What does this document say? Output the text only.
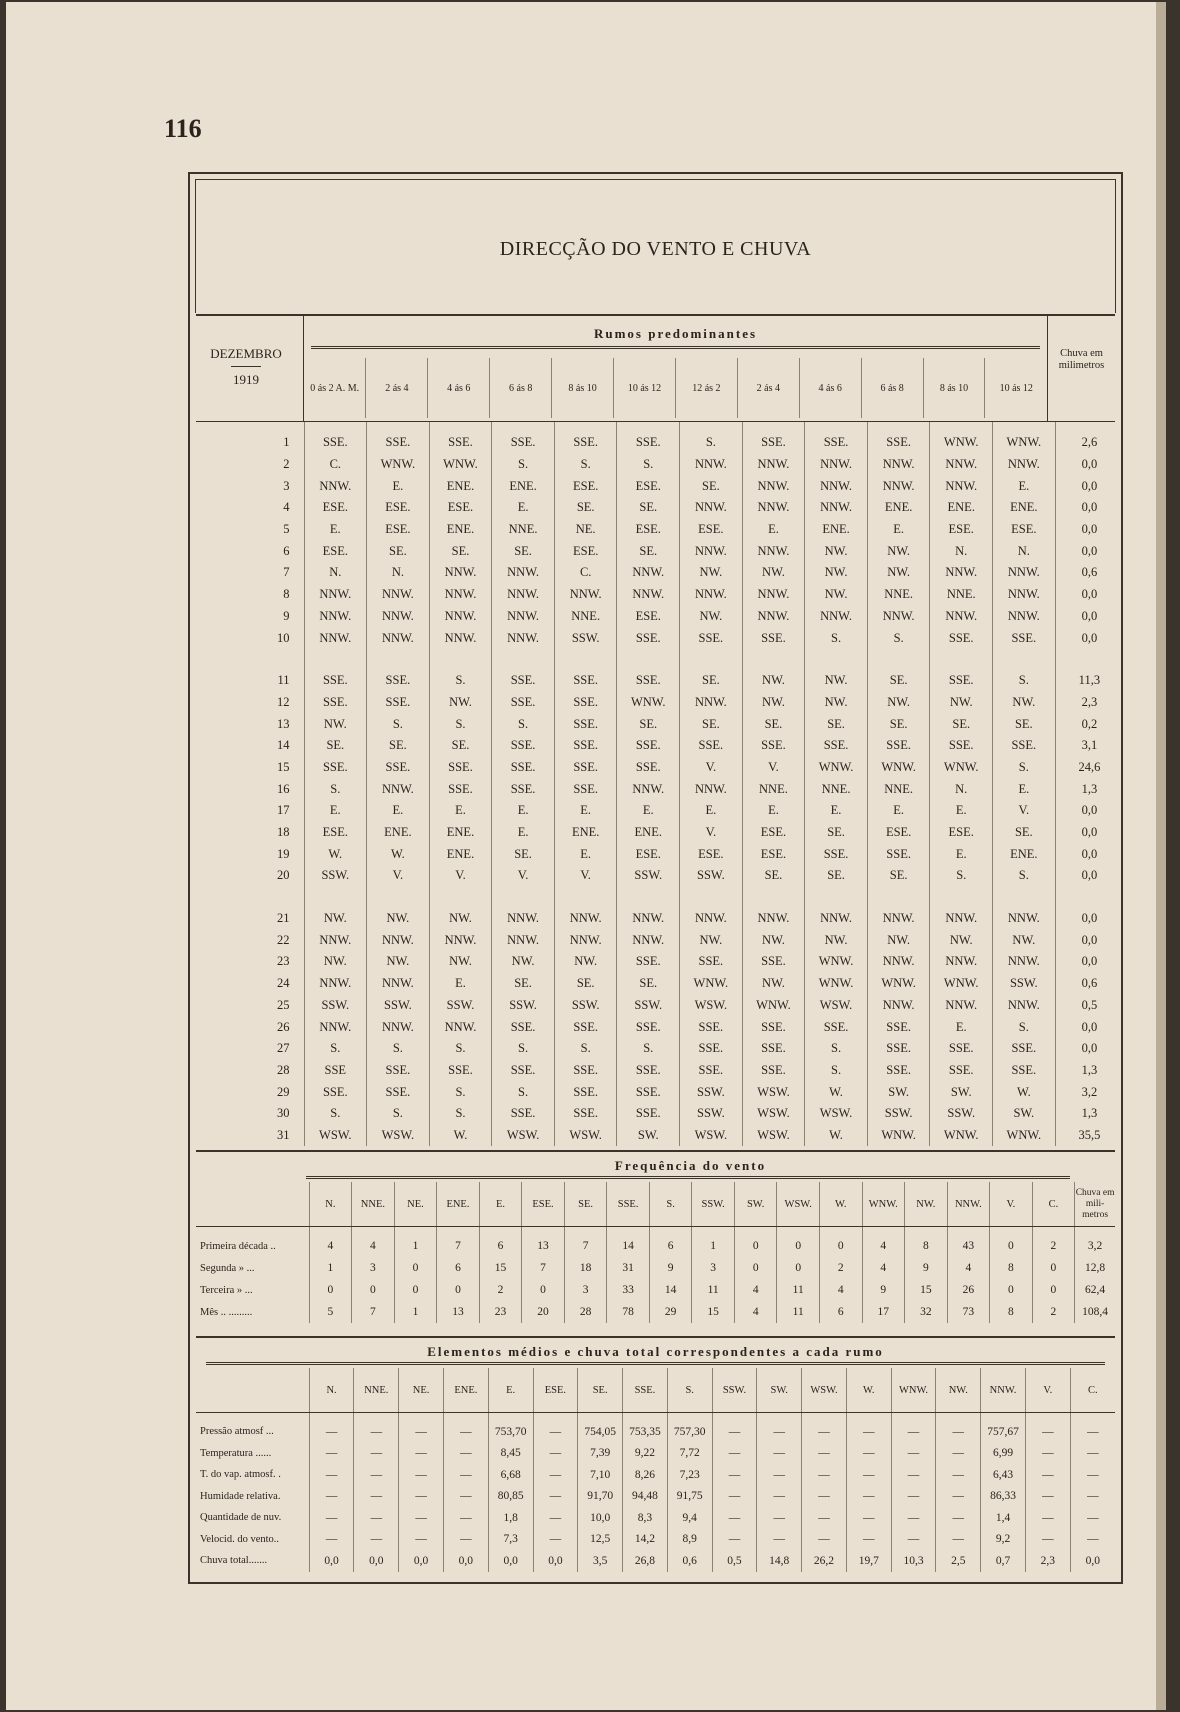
116
DIRECÇÃO DO VENTO E CHUVA
DEZEMBRO
1919
Rumos predominantes
Chuva em milimetros
0 ás 2 A. M.	2 ás 4	4 ás 6	6 ás 8	8 ás 10	10 ás 12	12 ás 2	2 ás 4	4 ás 6	6 ás 8	8 ás 10	10 ás 12
1	SSE.	SSE.	SSE.	SSE.	SSE.	SSE.	S.	SSE.	SSE.	SSE.	WNW.	WNW.	2,6
2	C.	WNW.	WNW.	S.	S.	S.	NNW.	NNW.	NNW.	NNW.	NNW.	NNW.	0,0
3	NNW.	E.	ENE.	ENE.	ESE.	ESE.	SE.	NNW.	NNW.	NNW.	NNW.	E.	0,0
4	ESE.	ESE.	ESE.	E.	SE.	SE.	NNW.	NNW.	NNW.	ENE.	ENE.	ENE.	0,0
5	E.	ESE.	ENE.	NNE.	NE.	ESE.	ESE.	E.	ENE.	E.	ESE.	ESE.	0,0
6	ESE.	SE.	SE.	SE.	ESE.	SE.	NNW.	NNW.	NW.	NW.	N.	N.	0,0
7	N.	N.	NNW.	NNW.	C.	NNW.	NW.	NW.	NW.	NW.	NNW.	NNW.	0,6
8	NNW.	NNW.	NNW.	NNW.	NNW.	NNW.	NNW.	NNW.	NW.	NNE.	NNE.	NNW.	0,0
9	NNW.	NNW.	NNW.	NNW.	NNE.	ESE.	NW.	NNW.	NNW.	NNW.	NNW.	NNW.	0,0
10	NNW.	NNW.	NNW.	NNW.	SSW.	SSE.	SSE.	SSE.	S.	S.	SSE.	SSE.	0,0

11	SSE.	SSE.	S.	SSE.	SSE.	SSE.	SE.	NW.	NW.	SE.	SSE.	S.	11,3
12	SSE.	SSE.	NW.	SSE.	SSE.	WNW.	NNW.	NW.	NW.	NW.	NW.	NW.	2,3
13	NW.	S.	S.	S.	SSE.	SE.	SE.	SE.	SE.	SE.	SE.	SE.	0,2
14	SE.	SE.	SE.	SSE.	SSE.	SSE.	SSE.	SSE.	SSE.	SSE.	SSE.	SSE.	3,1
15	SSE.	SSE.	SSE.	SSE.	SSE.	SSE.	V.	V.	WNW.	WNW.	WNW.	S.	24,6
16	S.	NNW.	SSE.	SSE.	SSE.	NNW.	NNW.	NNE.	NNE.	NNE.	N.	E.	1,3
17	E.	E.	E.	E.	E.	E.	E.	E.	E.	E.	E.	V.	0,0
18	ESE.	ENE.	ENE.	E.	ENE.	ENE.	V.	ESE.	SE.	ESE.	ESE.	SE.	0,0
19	W.	W.	ENE.	SE.	E.	ESE.	ESE.	ESE.	SSE.	SSE.	E.	ENE.	0,0
20	SSW.	V.	V.	V.	V.	SSW.	SSW.	SE.	SE.	SE.	S.	S.	0,0

21	NW.	NW.	NW.	NNW.	NNW.	NNW.	NNW.	NNW.	NNW.	NNW.	NNW.	NNW.	0,0
22	NNW.	NNW.	NNW.	NNW.	NNW.	NNW.	NW.	NW.	NW.	NW.	NW.	NW.	0,0
23	NW.	NW.	NW.	NW.	NW.	SSE.	SSE.	SSE.	WNW.	NNW.	NNW.	NNW.	0,0
24	NNW.	NNW.	E.	SE.	SE.	SE.	WNW.	NW.	WNW.	WNW.	WNW.	SSW.	0,6
25	SSW.	SSW.	SSW.	SSW.	SSW.	SSW.	WSW.	WNW.	WSW.	NNW.	NNW.	NNW.	0,5
26	NNW.	NNW.	NNW.	SSE.	SSE.	SSE.	SSE.	SSE.	SSE.	SSE.	E.	S.	0,0
27	S.	S.	S.	S.	S.	S.	SSE.	SSE.	S.	SSE.	SSE.	SSE.	0,0
28	SSE	SSE.	SSE.	SSE.	SSE.	SSE.	SSE.	SSE.	S.	SSE.	SSE.	SSE.	1,3
29	SSE.	SSE.	S.	S.	SSE.	SSE.	SSW.	WSW.	W.	SW.	SW.	W.	3,2
30	S.	S.	S.	SSE.	SSE.	SSE.	SSW.	WSW.	WSW.	SSW.	SSW.	SW.	1,3
31	WSW.	WSW.	W.	WSW.	WSW.	SW.	WSW.	WSW.	W.	WNW.	WNW.	WNW.	35,5
Frequência do vento
	N.	NNE.	NE.	ENE.	E.	ESE.	SE.	SSE.	S.	SSW.	SW.	WSW.	W.	WNW.	NW.	NNW.	V.	C.	Chuva em mili- metros
Primeira década ..	4	4	1	7	6	13	7	14	6	1	0	0	0	4	8	43	0	2	3,2
Segunda » ...	1	3	0	6	15	7	18	31	9	3	0	0	2	4	9	4	8	0	12,8
Terceira » ...	0	0	0	0	2	0	3	33	14	11	4	11	4	9	15	26	0	0	62,4
Mês .. .........	5	7	1	13	23	20	28	78	29	15	4	11	6	17	32	73	8	2	108,4
Elementos médios e chuva total correspondentes a cada rumo
	N.	NNE.	NE.	ENE.	E.	ESE.	SE.	SSE.	S.	SSW.	SW.	WSW.	W.	WNW.	NW.	NNW.	V.	C.
Pressão atmosf ...	—	—	—	—	753,70	—	754,05	753,35	757,30	—	—	—	—	—	—	757,67	—	—
Temperatura ......	—	—	—	—	8,45	—	7,39	9,22	7,72	—	—	—	—	—	—	6,99	—	—
T. do vap. atmosf. .	—	—	—	—	6,68	—	7,10	8,26	7,23	—	—	—	—	—	—	6,43	—	—
Humidade relativa.	—	—	—	—	80,85	—	91,70	94,48	91,75	—	—	—	—	—	—	86,33	—	—
Quantidade de nuv.	—	—	—	—	1,8	—	10,0	8,3	9,4	—	—	—	—	—	—	1,4	—	—
Velocid. do vento..	—	—	—	—	7,3	—	12,5	14,2	8,9	—	—	—	—	—	—	9,2	—	—
Chuva total.......	0,0	0,0	0,0	0,0	0,0	0,0	3,5	26,8	0,6	0,5	14,8	26,2	19,7	10,3	2,5	0,7	2,3	0,0
